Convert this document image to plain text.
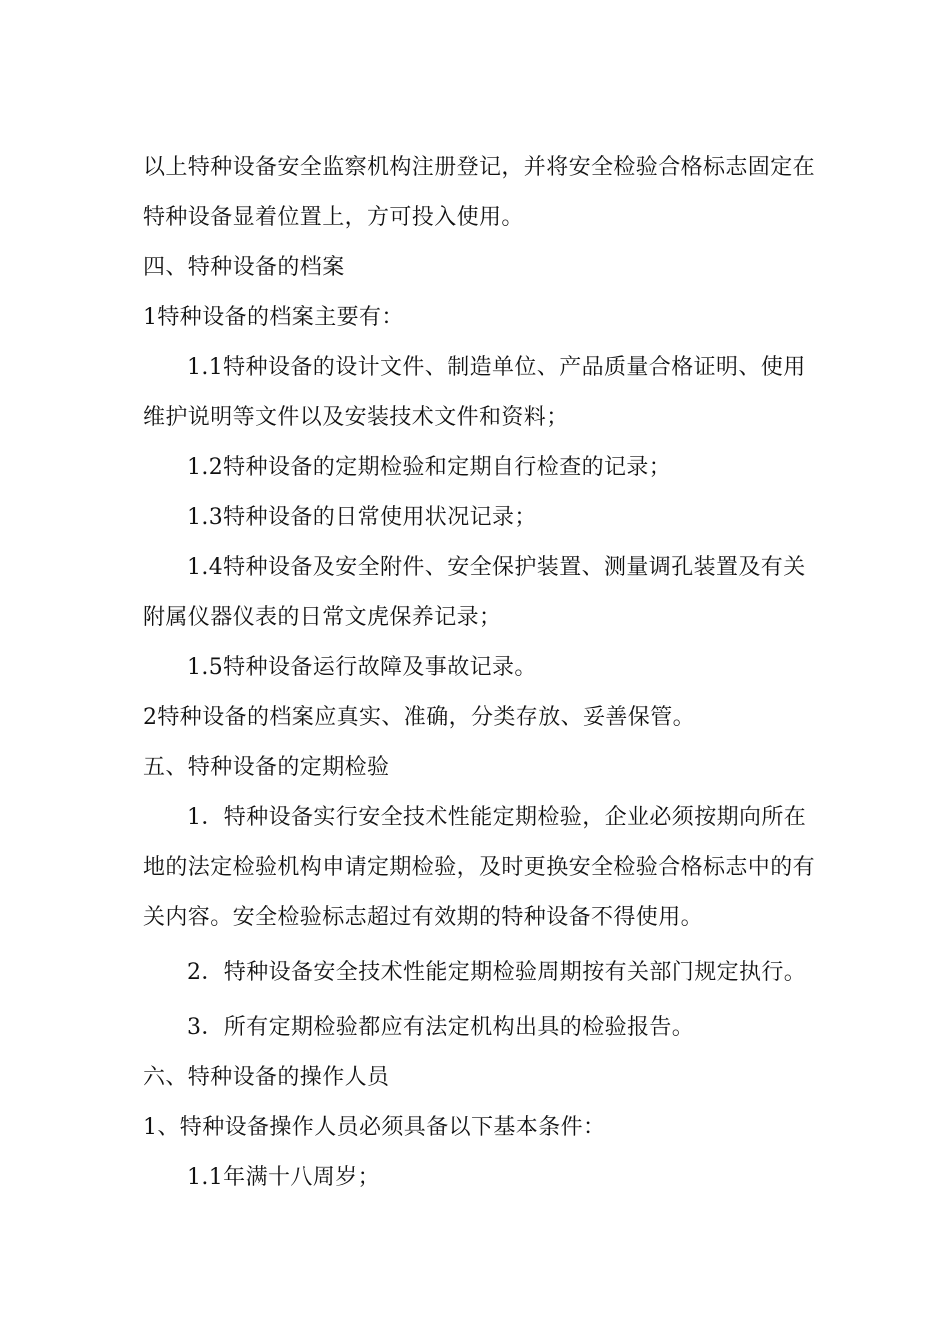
以上特种设备安全监察机构注册登记，并将安全检验合格标志固定在
特种设备显着位置上，方可投入使用。
四、特种设备的档案
1特种设备的档案主要有：
1.1特种设备的设计文件、制造单位、产品质量合格证明、使用
维护说明等文件以及安装技术文件和资料；
1.2特种设备的定期检验和定期自行检查的记录；
1.3特种设备的日常使用状况记录；
1.4特种设备及安全附件、安全保护装置、测量调孔装置及有关
附属仪器仪表的日常文虎保养记录；
1.5特种设备运行故障及事故记录。
2特种设备的档案应真实、准确，分类存放、妥善保管。
五、特种设备的定期检验
1．特种设备实行安全技术性能定期检验，企业必须按期向所在
地的法定检验机构申请定期检验，及时更换安全检验合格标志中的有
关内容。安全检验标志超过有效期的特种设备不得使用。
2．特种设备安全技术性能定期检验周期按有关部门规定执行。
3．所有定期检验都应有法定机构出具的检验报告。
六、特种设备的操作人员
1、特种设备操作人员必须具备以下基本条件：
1.1年满十八周岁；
